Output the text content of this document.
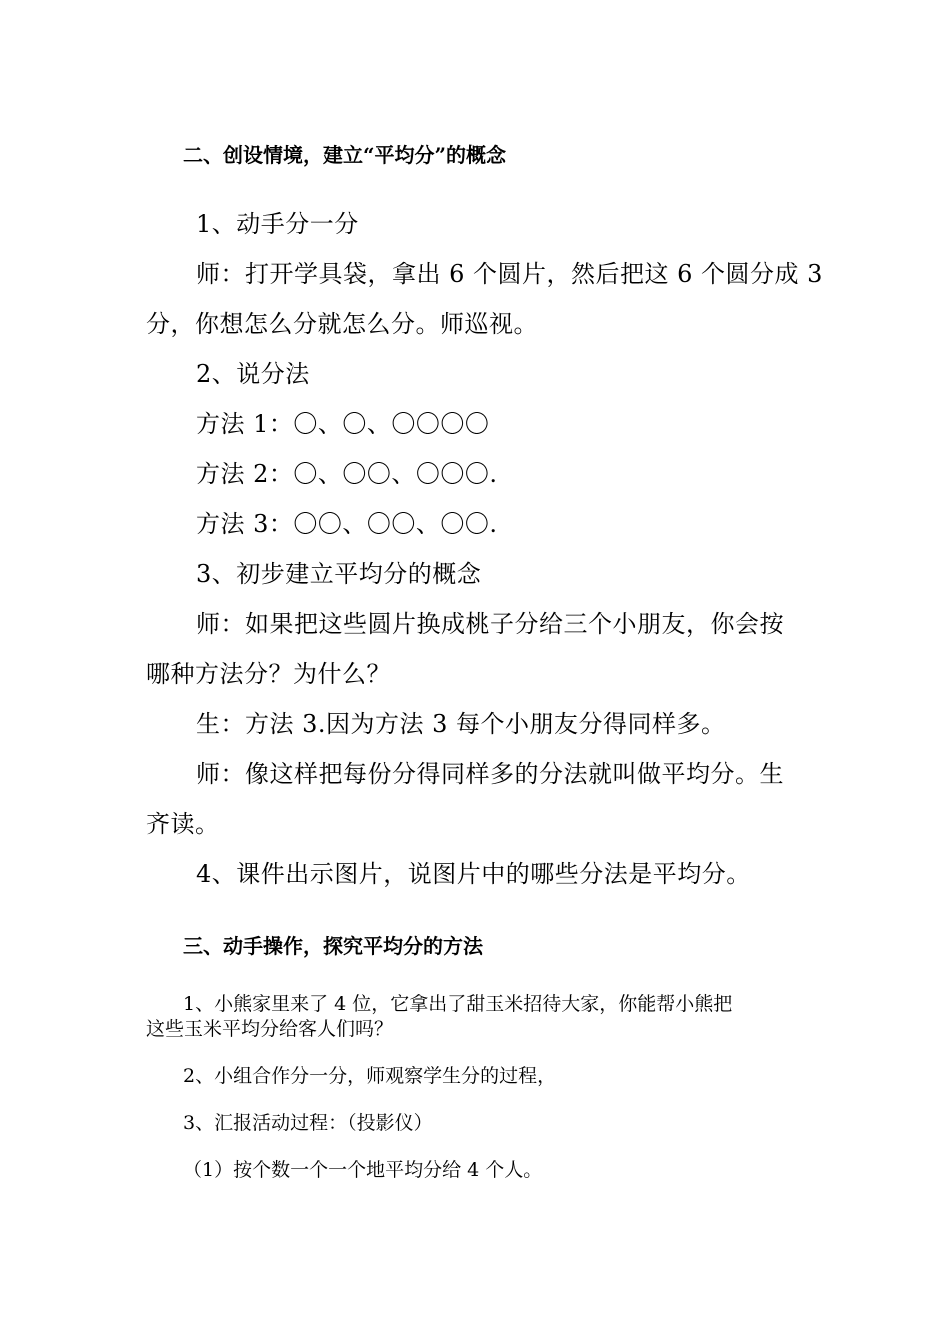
二、创设情境，建立“平均分”的概念

1、动手分一分

师：打开学具袋，拿出 6 个圆片，然后把这 6 个圆分成 3

分，你想怎么分就怎么分。师巡视。

2、说分法

方法 1：〇、〇、〇〇〇〇

方法 2：〇、〇〇、〇〇〇.

方法 3：〇〇、〇〇、〇〇.

3、初步建立平均分的概念

师：如果把这些圆片换成桃子分给三个小朋友，你会按

哪种方法分？为什么？

生：方法 3.因为方法 3 每个小朋友分得同样多。

师：像这样把每份分得同样多的分法就叫做平均分。生

齐读。

4、课件出示图片，说图片中的哪些分法是平均分。

三、动手操作，探究平均分的方法

1、小熊家里来了 4 位，它拿出了甜玉米招待大家，你能帮小熊把

这些玉米平均分给客人们吗？

2、小组合作分一分，师观察学生分的过程，

3、汇报活动过程：（投影仪）

（1）按个数一个一个地平均分给 4 个人。
